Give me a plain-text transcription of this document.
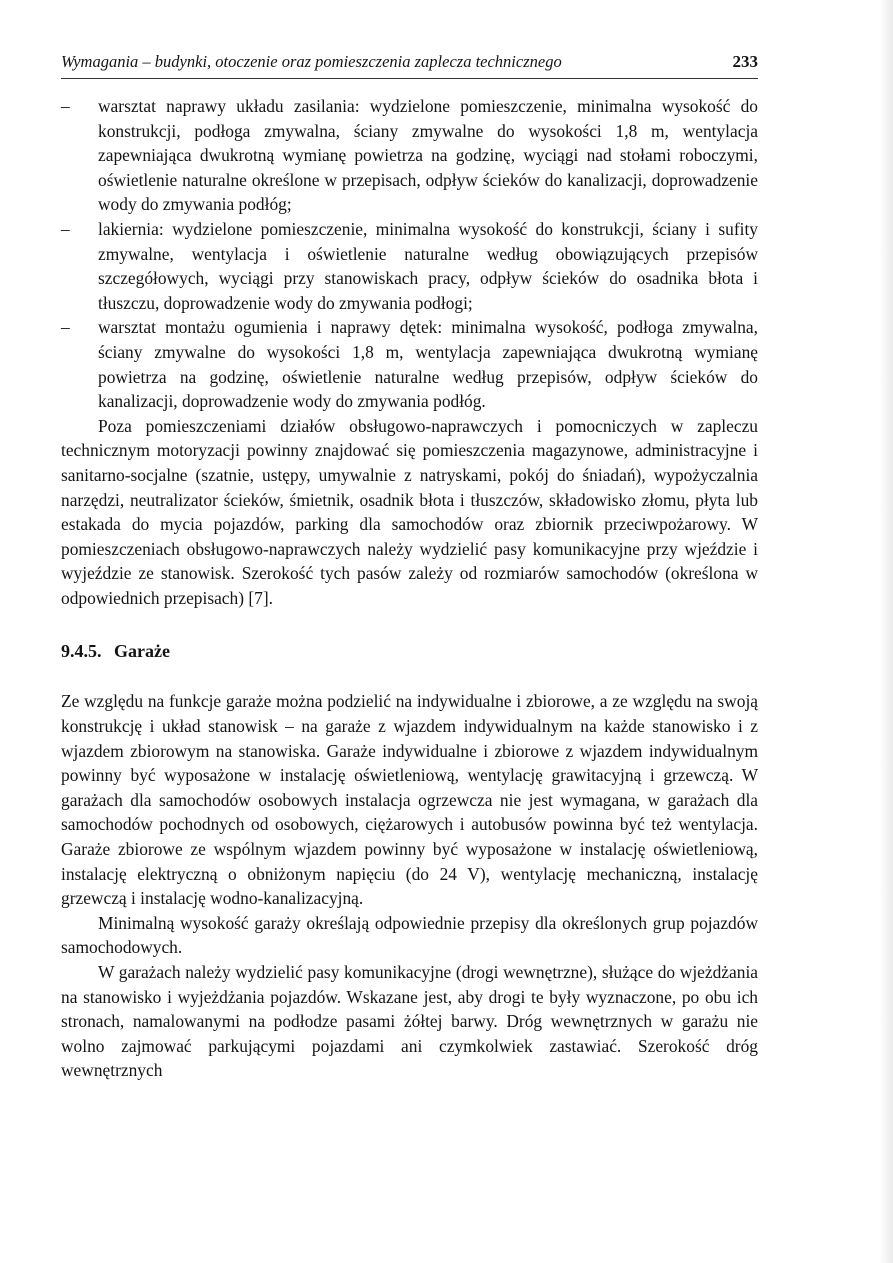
Wymagania – budynki, otoczenie oraz pomieszczenia zaplecza technicznego	233
– warsztat naprawy układu zasilania: wydzielone pomieszczenie, minimalna wysokość do konstrukcji, podłoga zmywalna, ściany zmywalne do wysokości 1,8 m, wentylacja zapewniająca dwukrotną wymianę powietrza na godzinę, wyciągi nad stołami roboczymi, oświetlenie naturalne określone w przepisach, odpływ ścieków do kanalizacji, doprowadzenie wody do zmywania podłóg;
– lakiernia: wydzielone pomieszczenie, minimalna wysokość do konstrukcji, ściany i sufity zmywalne, wentylacja i oświetlenie naturalne według obowiązujących przepisów szczegółowych, wyciągi przy stanowiskach pracy, odpływ ścieków do osadnika błota i tłuszczu, doprowadzenie wody do zmywania podłogi;
– warsztat montażu ogumienia i naprawy dętek: minimalna wysokość, podłoga zmywalna, ściany zmywalne do wysokości 1,8 m, wentylacja zapewniająca dwukrotną wymianę powietrza na godzinę, oświetlenie naturalne według przepisów, odpływ ścieków do kanalizacji, doprowadzenie wody do zmywania podłóg.

Poza pomieszczeniami działów obsługowo-naprawczych i pomocniczych w zapleczu technicznym motoryzacji powinny znajdować się pomieszczenia magazynowe, administracyjne i sanitarno-socjalne (szatnie, ustępy, umywalnie z natryskami, pokój do śniadań), wypożyczalnia narzędzi, neutralizator ścieków, śmietnik, osadnik błota i tłuszczów, składowisko złomu, płyta lub estakada do mycia pojazdów, parking dla samochodów oraz zbiornik przeciwpożarowy. W pomieszczeniach obsługowo-naprawczych należy wydzielić pasy komunikacyjne przy wjeździe i wyjeździe ze stanowisk. Szerokość tych pasów zależy od rozmiarów samochodów (określona w odpowiednich przepisach) [7].

9.4.5. Garaże

Ze względu na funkcje garaże można podzielić na indywidualne i zbiorowe, a ze względu na swoją konstrukcję i układ stanowisk – na garaże z wjazdem indywidualnym na każde stanowisko i z wjazdem zbiorowym na stanowiska. Garaże indywidualne i zbiorowe z wjazdem indywidualnym powinny być wyposażone w instalację oświetleniową, wentylację grawitacyjną i grzewczą. W garażach dla samochodów osobowych instalacja ogrzewcza nie jest wymagana, w garażach dla samochodów pochodnych od osobowych, ciężarowych i autobusów powinna być też wentylacja. Garaże zbiorowe ze wspólnym wjazdem powinny być wyposażone w instalację oświetleniową, instalację elektryczną o obniżonym napięciu (do 24 V), wentylację mechaniczną, instalację grzewczą i instalację wodno-kanalizacyjną.

Minimalną wysokość garaży określają odpowiednie przepisy dla określonych grup pojazdów samochodowych.

W garażach należy wydzielić pasy komunikacyjne (drogi wewnętrzne), służące do wjeżdżania na stanowisko i wyjeżdżania pojazdów. Wskazane jest, aby drogi te były wyznaczone, po obu ich stronach, namalowanymi na podłodze pasami żółtej barwy. Dróg wewnętrznych w garażu nie wolno zajmować parkującymi pojazdami ani czymkolwiek zastawiać. Szerokość dróg wewnętrznych
